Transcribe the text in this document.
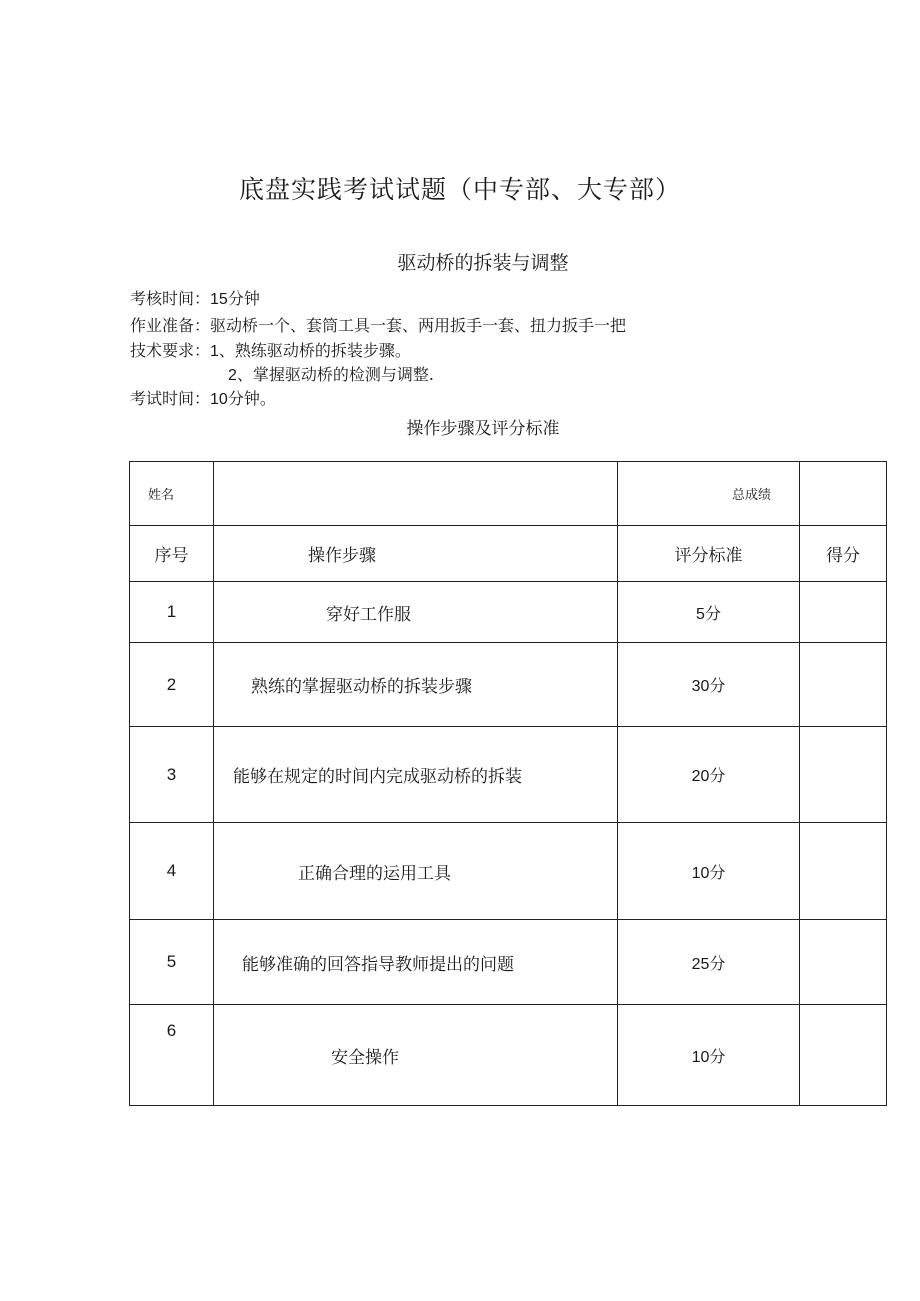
底盘实践考试试题（中专部、大专部）
驱动桥的拆装与调整
考核时间：15分钟
作业准备：驱动桥一个、套筒工具一套、两用扳手一套、扭力扳手一把
技术要求：1、熟练驱动桥的拆装步骤。
2、掌握驱动桥的检测与调整.
考试时间：10分钟。
操作步骤及评分标准
姓名		总成绩	
序号	操作步骤	评分标准	得分
1	穿好工作服	5分	
2	熟练的掌握驱动桥的拆装步骤	30分	
3	能够在规定的时间内完成驱动桥的拆装	20分	
4	正确合理的运用工具	10分	
5	能够准确的回答指导教师提出的问题	25分	
6	安全操作	10分	
